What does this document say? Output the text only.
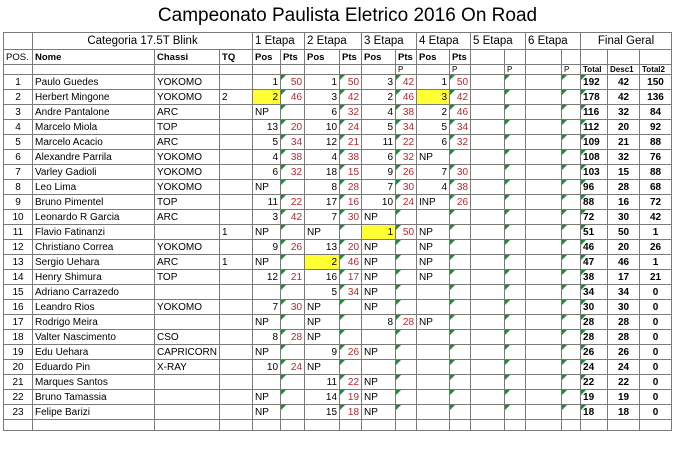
Campeonato Paulista Eletrico 2016 On Road
	Categoria 17.5T Blink			1 Etapa		2 Etapa		3 Etapa		4 Etapa		5 Etapa		6 Etapa		Final Geral		
POS.	Nome	Chassi	TQ	Pos	Pts	Pos	Pts	Pos	Pts	Pos	Pts							
									P		P		P		P	Total	Desc1	Total2
1	Paulo Guedes	YOKOMO		1	50	1	50	3	42	1	50					192	42	150
2	Herbert Mingone	YOKOMO	2	2	46	3	42	2	46	3	42					178	42	136
3	Andre Pantalone	ARC		NP		6	32	4	38	2	46					116	32	84
4	Marcelo Miola	TOP		13	20	10	24	5	34	5	34					112	20	92
5	Marcelo Acacio	ARC		5	34	12	21	11	22	6	32					109	21	88
6	Alexandre Parrila	YOKOMO		4	38	4	38	6	32	NP						108	32	76
7	Varley Gadioli	YOKOMO		6	32	18	15	9	26	7	30					103	15	88
8	Leo Lima	YOKOMO		NP		8	28	7	30	4	38					96	28	68
9	Bruno Pimentel	TOP		11	22	17	16	10	24	INP	26					88	16	72
10	Leonardo R Garcia	ARC		3	42	7	30	NP								72	30	42
11	Flavio Fatinanzi		1	NP		NP		1	50	NP						51	50	1
12	Christiano Correa	YOKOMO		9	26	13	20	NP		NP						46	20	26
13	Sergio Uehara	ARC	1	NP		2	46	NP		NP						47	46	1
14	Henry Shimura	TOP		12	21	16	17	NP		NP						38	17	21
15	Adriano Carrazedo					5	34	NP								34	34	0
16	Leandro Rios	YOKOMO		7	30	NP		NP								30	30	0
17	Rodrigo Meira			NP		NP		8	28	NP						28	28	0
18	Valter Nascimento	CSO		8	28	NP										28	28	0
19	Edu Uehara	CAPRICORN		NP		9	26	NP								26	26	0
20	Eduardo Pin	X-RAY		10	24	NP										24	24	0
21	Marques Santos					11	22	NP								22	22	0
22	Bruno Tamassia			NP		14	19	NP								19	19	0
23	Felipe Barizi			NP		15	18	NP								18	18	0
